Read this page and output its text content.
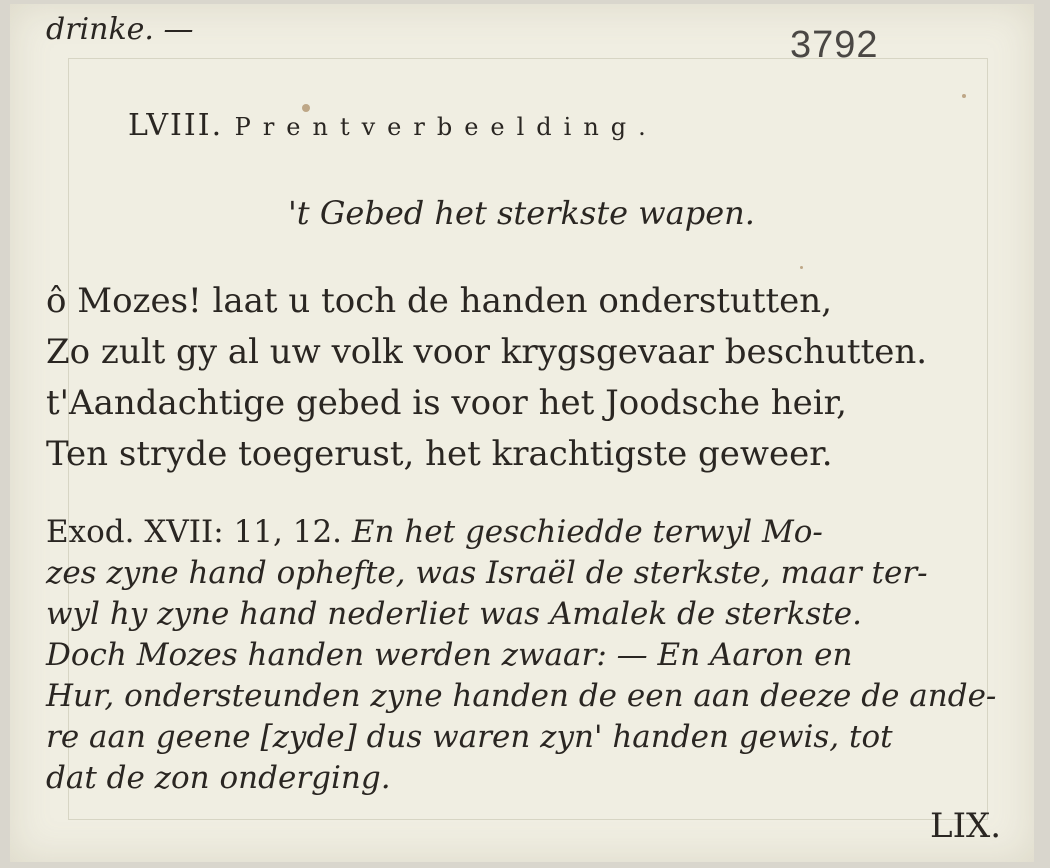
drinke. —	3792

LVIII. Prentverbeelding.

't Gebed het sterkste wapen.

ô Mozes! laat u toch de handen onderstutten,
Zo zult gy al uw volk voor krygsgevaar beschutten.
t'Aandachtige gebed is voor het Joodsche heir,
Ten stryde toegerust, het krachtigste geweer.
Exod. XVII: 11, 12. En het geschiedde terwyl Mo-
zes zyne hand ophefte, was Israël de sterkste, maar ter-
wyl hy zyne hand nederliet was Amalek de sterkste.
Doch Mozes handen werden zwaar: — En Aaron en
Hur, ondersteunden zyne handen de een aan deeze de ande-
re aan geene [zyde] dus waren zyn' handen gewis, tot
dat de zon onderging.

LIX.
